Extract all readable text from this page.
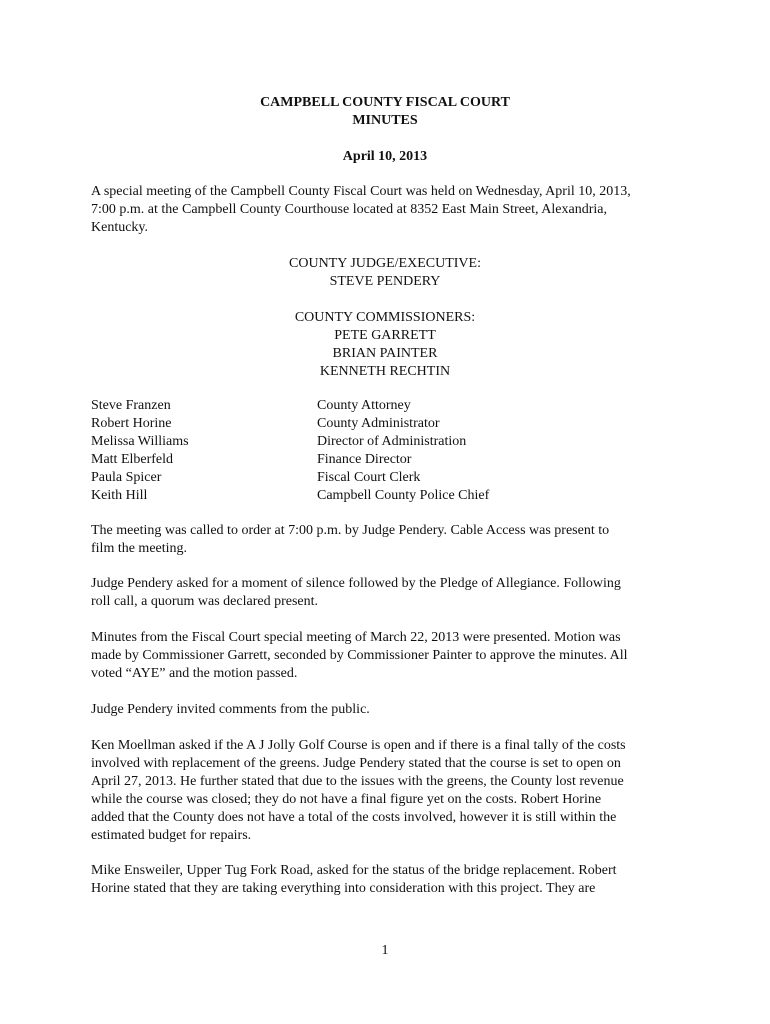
CAMPBELL COUNTY FISCAL COURT
MINUTES
April 10, 2013
A special meeting of the Campbell County Fiscal Court was held on Wednesday, April 10, 2013,
7:00 p.m. at the Campbell County Courthouse located at 8352 East Main Street, Alexandria,
Kentucky.
COUNTY JUDGE/EXECUTIVE:
STEVE PENDERY
COUNTY COMMISSIONERS:
PETE GARRETT
BRIAN PAINTER
KENNETH RECHTIN
Steve Franzen	County Attorney
Robert Horine	County Administrator
Melissa Williams	Director of Administration
Matt Elberfeld	Finance Director
Paula Spicer	Fiscal Court Clerk
Keith Hill	Campbell County Police Chief
The meeting was called to order at 7:00 p.m. by Judge Pendery. Cable Access was present to
film the meeting.
Judge Pendery asked for a moment of silence followed by the Pledge of Allegiance. Following
roll call, a quorum was declared present.
Minutes from the Fiscal Court special meeting of March 22, 2013 were presented. Motion was
made by Commissioner Garrett, seconded by Commissioner Painter to approve the minutes. All
voted “AYE” and the motion passed.
Judge Pendery invited comments from the public.
Ken Moellman asked if the A J Jolly Golf Course is open and if there is a final tally of the costs
involved with replacement of the greens. Judge Pendery stated that the course is set to open on
April 27, 2013. He further stated that due to the issues with the greens, the County lost revenue
while the course was closed; they do not have a final figure yet on the costs. Robert Horine
added that the County does not have a total of the costs involved, however it is still within the
estimated budget for repairs.
Mike Ensweiler, Upper Tug Fork Road, asked for the status of the bridge replacement. Robert
Horine stated that they are taking everything into consideration with this project. They are
1
